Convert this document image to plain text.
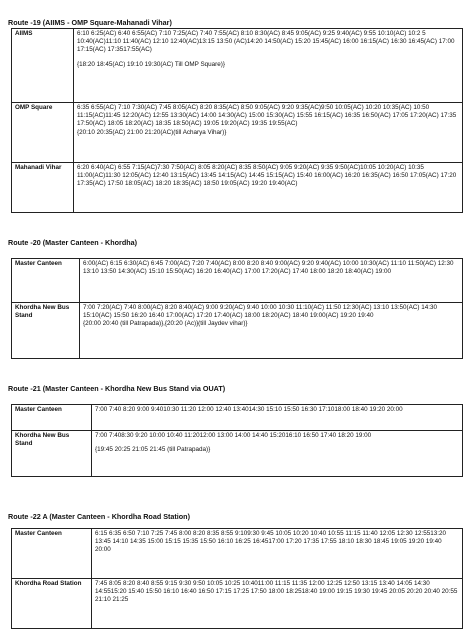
Route -19 (AIIMS - OMP Square-Mahanadi Vihar)
AIIMS	6:10 6:25(AC) 6:40 6:55(AC) 7:10 7:25(AC) 7:40 7:55(AC) 8:10 8:30(AC) 8:45 9:05(AC) 9:25 9:40(AC) 9:55 10:10(AC) 10:2 5 10:40(AC)11:10 11:40(AC) 12:10 12:40(AC)13:15 13:50 (AC)14:20 14:50(AC) 15:20 15:45(AC) 16:00 16:15(AC) 16:30 16:45(AC) 17:00 17:15(AC) 17:3517:55(AC)
{18:20 18:45(AC) 19:10 19:30(AC) Till OMP Square)}

OMP Square	6:35 6:55(AC) 7:10 7:30(AC) 7:45 8:05(AC) 8:20 8:35(AC) 8:50 9:05(AC) 9:20 9:35(AC)9:50 10:05(AC) 10:20 10:35(AC) 10:50 11:15(AC)11:45 12:20(AC) 12:55 13:30(AC) 14:00 14:30(AC) 15:00 15:30(AC) 15:55 16:15(AC) 16:35 16:50(AC) 17:05 17:20(AC) 17:35 17:50(AC) 18:05 18:20(AC) 18:35 18:50(AC) 19:05 19:20(AC) 19:35 19:55(AC)
{20:10 20:35(AC) 21:00 21:20(AC)(till Acharya Vihar)}

Mahanadi Vihar	6:20 6:40(AC) 6:55 7:15(AC)7:30 7:50(AC) 8:05 8:20(AC) 8:35 8:50(AC) 9:05 9:20(AC) 9:35 9:50(AC)10:05 10:20(AC) 10:35 11:00(AC)11:30 12:05(AC) 12:40 13:15(AC) 13:45 14:15(AC) 14:45 15:15(AC) 15:40 16:00(AC) 16:20 16:35(AC) 16:50 17:05(AC) 17:20 17:35(AC) 17:50 18:05(AC) 18:20 18:35(AC) 18:50 19:05(AC) 19:20 19:40(AC)
Route -20 (Master Canteen - Khordha)
Master Canteen	6:00(AC) 6:15 6:30(AC) 6:45 7:00(AC) 7:20 7:40(AC) 8:00 8:20 8:40 9:00(AC) 9:20 9:40(AC) 10:00 10:30(AC) 11:10 11:50(AC) 12:30 13:10 13:50 14:30(AC) 15:10 15:50(AC) 16:20 16:40(AC) 17:00 17:20(AC) 17:40 18:00 18:20 18:40(AC) 19:00

Khordha New Bus Stand	7:00 7:20(AC) 7:40 8:00(AC) 8:20 8:40(AC) 9:00 9:20(AC) 9:40 10:00 10:30 11:10(AC) 11:50 12:30(AC) 13:10 13:50(AC) 14:30 15:10(AC) 15:50 16:20 16:40 17:00(AC) 17:20 17:40(AC) 18:00 18:20(AC) 18:40 19:00(AC) 19:20 19:40
{20:00 20:40 (till Patrapada)},{20:20 (Ac)}(till Jaydev vihar)}
Route -21 (Master Canteen - Khordha New Bus Stand via OUAT)
Master Canteen	7:00 7:40 8:20 9:00 9:4010:30 11:20 12:00 12:40 13:4014:30 15:10 15:50 16:30 17:1018:00 18:40 19:20 20:00

Khordha New Bus Stand	7:00 7:408:30 9:20 10:00 10:40 11:2012:00 13:00 14:00 14:40 15:2016:10 16:50 17:40 18:20 19:00
{19:45 20:25 21:05 21:45 (till Patrapada)}
Route -22 A (Master Canteen - Khordha Road Station)
Master Canteen	6:15 6:35 6:50 7:10 7:25 7:45 8:00 8:20 8:35 8:55 9:109:30 9:45 10:05 10:20 10:40 10:55 11:15 11:40 12:05 12:30 12:5513:20 13:45 14:10 14:35 15:00 15:15 15:35 15:50 16:10 16:25 16:4517:00 17:20 17:35 17:55 18:10 18:30 18:45 19:05 19:20 19:40 20:00

Khordha Road Station	7:45 8:05 8:20 8:40 8:55 9:15 9:30 9:50 10:05 10:25 10:4011:00 11:15 11:35 12:00 12:25 12:50 13:15 13:40 14:05 14:30 14:5515:20 15:40 15:50 16:10 16:40 16:50 17:15 17:25 17:50 18:00 18:2518:40 19:00 19:15 19:30 19:45 20:05 20:20 20:40 20:55 21:10 21:25
